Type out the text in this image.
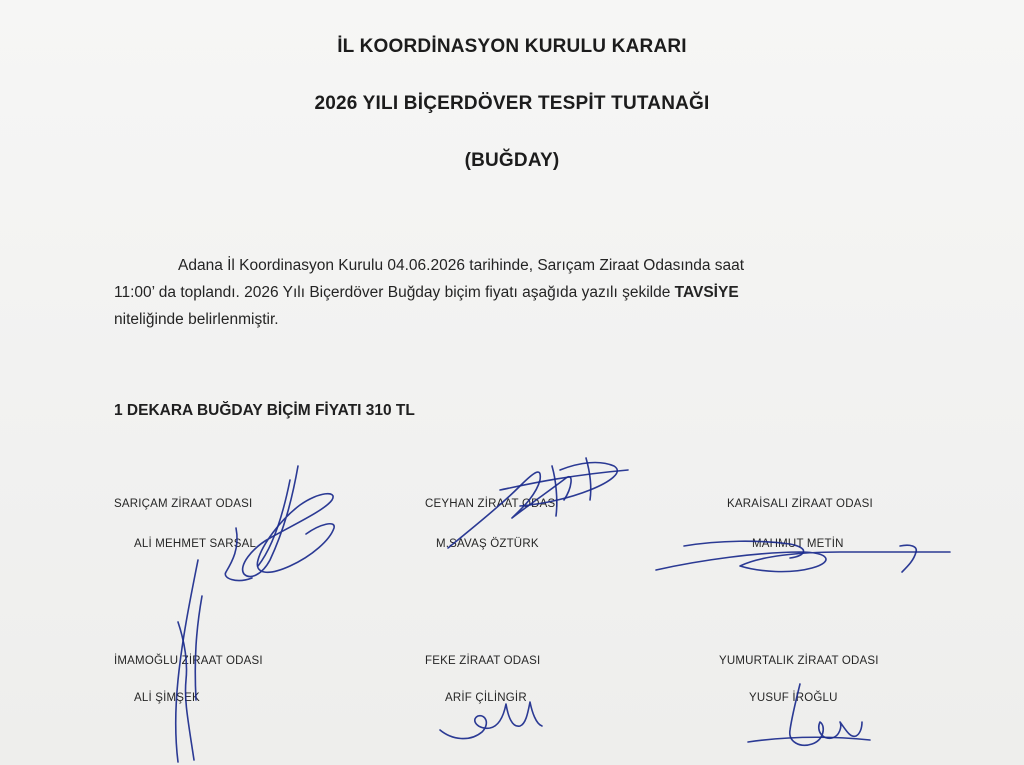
İL KOORDİNASYON KURULU KARARI
2026 YILI BİÇERDÖVER TESPİT TUTANAĞI
(BUĞDAY)

Adana İl Koordinasyon Kurulu 04.06.2026 tarihinde, Sarıçam Ziraat Odasında saat

11:00’ da toplandı. 2026 Yılı Biçerdöver Buğday biçim fiyatı aşağıda yazılı şekilde TAVSİYE

niteliğinde belirlenmiştir.

1 DEKARA BUĞDAY BİÇİM FİYATI 310 TL
SARIÇAM ZİRAAT ODASI
ALİ MEHMET SARSAL
CEYHAN ZİRAAT ODASI
M.SAVAŞ ÖZTÜRK
KARAİSALI ZİRAAT ODASI
MAHMUT METİN
İMAMOĞLU ZİRAAT ODASI
ALİ ŞİMŞEK
FEKE ZİRAAT ODASI
ARİF ÇİLİNGİR
YUMURTALIK ZİRAAT ODASI
YUSUF İROĞLU
